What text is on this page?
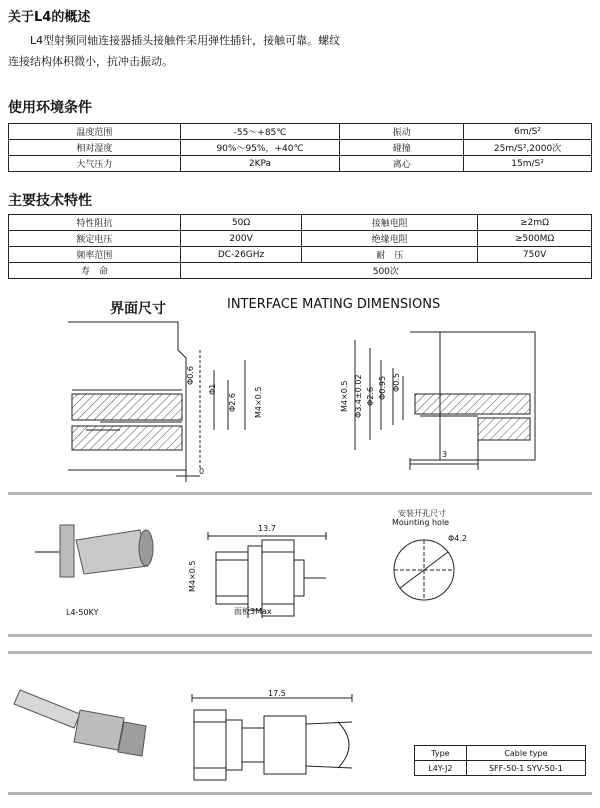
关于L4的概述
L4型射频同轴连接器插头接触件采用弹性插针，接触可靠。螺纹
连接结构体积微小，抗冲击振动。
使用环境条件
温度范围	-55～+85℃	振动	6m/S²
相对湿度	90%～95%，+40℃	碰撞	25m/S²,2000次
大气压力	2KPa	离心	15m/S²
主要技术特性
特性阻抗	50Ω	接触电阻	≥2mΩ
额定电压	200V	绝缘电阻	≥500MΩ
频率范围	DC-26GHz	耐　压	750V
寿　命	500次		
界面尺寸	INTERFACE MATING DIMENSIONS
Φ0.6
Φ1
Φ2.6 M4×0.5
0
M4×0.5 Φ3.4±0.02 Φ2.6 Φ0.95 Φ0.5
3
L4-50KY
13.7
M4×0.5
面板3Max
安装开孔尺寸
Mounting hole
Φ4.2
17.5
Type	Cable type
L4Y-J2	SFF-50-1 SYV-50-1
